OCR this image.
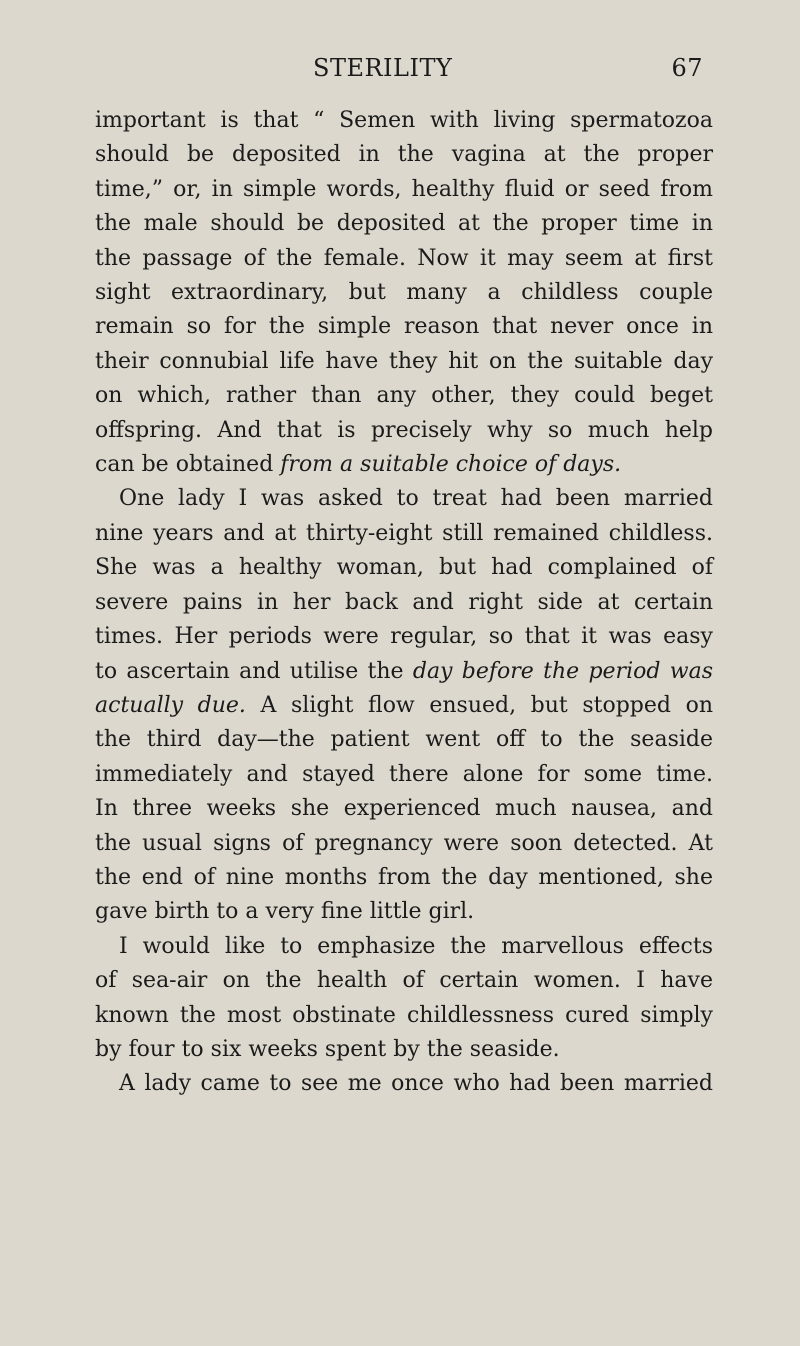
STERILITY	67
important is that “ Semen with living spermatozoa
should be deposited in the vagina at the proper
time,” or, in simple words, healthy fluid or seed from
the male should be deposited at the proper time in
the passage of the female. Now it may seem at first
sight extraordinary, but many a childless couple
remain so for the simple reason that never once in
their connubial life have they hit on the suitable day
on which, rather than any other, they could beget
offspring. And that is precisely why so much help
can be obtained from a suitable choice of days.
One lady I was asked to treat had been married
nine years and at thirty-eight still remained childless.
She was a healthy woman, but had complained of
severe pains in her back and right side at certain
times. Her periods were regular, so that it was easy
to ascertain and utilise the day before the period was
actually due. A slight flow ensued, but stopped on
the third day—the patient went off to the seaside
immediately and stayed there alone for some time.
In three weeks she experienced much nausea, and
the usual signs of pregnancy were soon detected. At
the end of nine months from the day mentioned, she
gave birth to a very fine little girl.
I would like to emphasize the marvellous effects
of sea-air on the health of certain women. I have
known the most obstinate childlessness cured simply
by four to six weeks spent by the seaside.
A lady came to see me once who had been married
